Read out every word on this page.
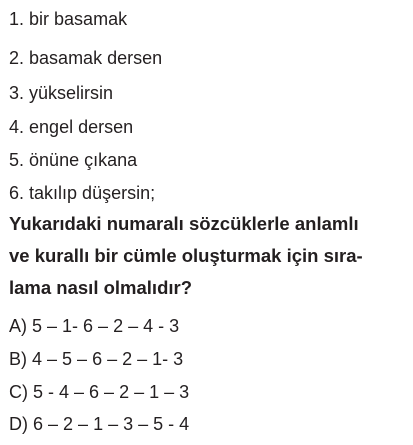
1. bir basamak
2. basamak dersen
3. yükselirsin
4. engel dersen
5. önüne çıkana
6. takılıp düşersin;
Yukarıdaki numaralı sözcüklerle anlamlı
ve kurallı bir cümle oluşturmak için sıra-
lama nasıl olmalıdır?
A) 5 – 1- 6 – 2 – 4 - 3
B) 4 – 5 – 6 – 2 – 1- 3
C) 5 - 4 – 6 – 2 – 1 – 3
D) 6 – 2 – 1 – 3 – 5 - 4
